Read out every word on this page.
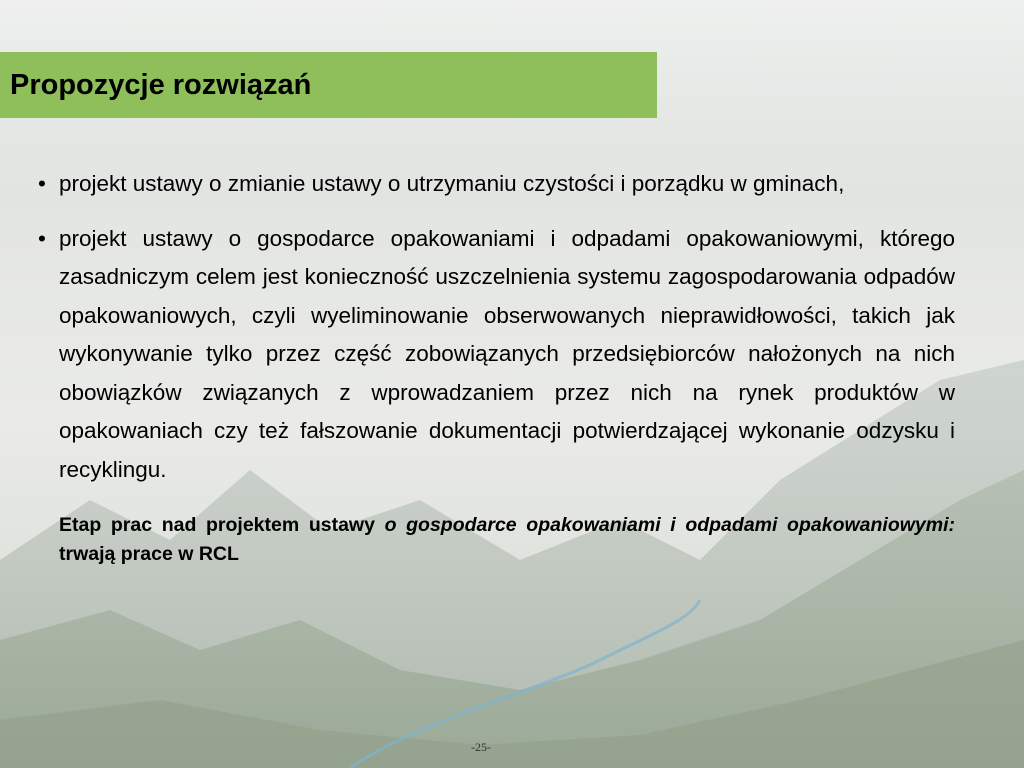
Propozycje rozwiązań
• projekt ustawy o zmianie ustawy o utrzymaniu czystości i porządku w gminach,
• projekt ustawy o gospodarce opakowaniami i odpadami opakowaniowymi, którego zasadniczym celem jest konieczność uszczelnienia systemu zagospodarowania odpadów opakowaniowych, czyli wyeliminowanie obserwowanych nieprawidłowości, takich jak wykonywanie tylko przez część zobowiązanych przedsiębiorców nałożonych na nich obowiązków związanych z wprowadzaniem przez nich na rynek produktów w opakowaniach czy też fałszowanie dokumentacji potwierdzającej wykonanie odzysku i recyklingu.
Etap prac nad projektem ustawy o gospodarce opakowaniami i odpadami opakowaniowymi: trwają prace w RCL
-25-
